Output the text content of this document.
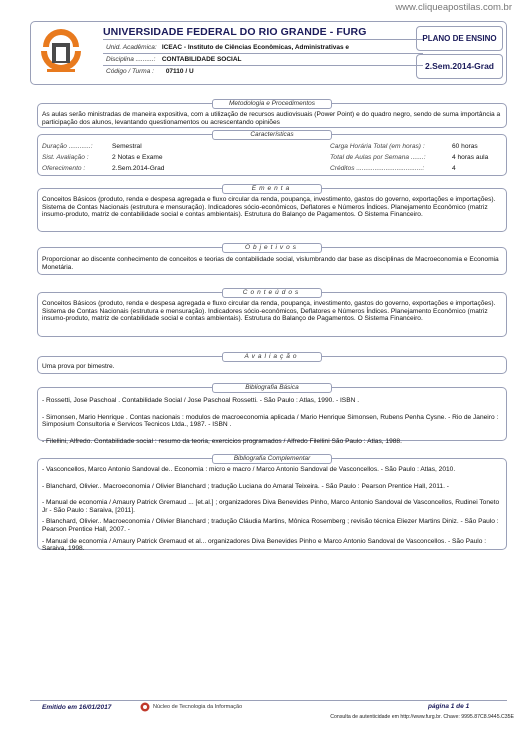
www.cliqueapostilas.com.br
UNIVERSIDADE FEDERAL DO RIO GRANDE - FURG
Unid. Acadêmica: ICEAC - Instituto de Ciências Econômicas, Administrativas e
Disciplina ..........: CONTABILIDADE SOCIAL
Código / Turma : 07110 / U
PLANO DE ENSINO
2.Sem.2014-Grad
Metodologia e Procedimentos
As aulas serão ministradas de maneira expositiva, com a utilização de recursos audiovisuais (Power Point) e do quadro negro, sendo de suma importância a participação dos alunos, levantando questionamentos ou acrescentando opiniões
Características
Duração ............:	Semestral	Carga Horária Total (em horas) :	60 horas
Sist. Avaliação :	2 Notas e Exame	Total de Aulas por Semana .......:	4 horas aula
Oferecimento :	2.Sem.2014-Grad	Créditos ....................................:	4
Ementa
Conceitos Básicos (produto, renda e despesa agregada e fluxo circular da renda, poupança, investimento, gastos do governo, exportações e importações). Sistema de Contas Nacionais (estrutura e mensuração). Indicadores sócio-econômicos, Deflatores e Números Índices. Planejamento Econômico (matriz insumo-produto, matriz de contabilidade social e contas ambientais). Estrutura do Balanço de Pagamentos. O Sistema Financeiro.
Objetivos
Proporcionar ao discente conhecimento de conceitos e teorias de contabilidade social, vislumbrando dar base as disciplinas de Macroeconomia e Economia Monetária.
Conteúdos
Conceitos Básicos (produto, renda e despesa agregada e fluxo circular da renda, poupança, investimento, gastos do governo, exportações e importações). Sistema de Contas Nacionais (estrutura e mensuração). Indicadores sócio-econômicos, Deflatores e Números Índices. Planejamento Econômico (matriz insumo-produto, matriz de contabilidade social e contas ambientais). Estrutura do Balanço de Pagamentos. O Sistema Financeiro.
Avaliação
Uma prova por bimestre.
Bibliografia Básica
- Rossetti, Jose Paschoal . Contabilidade Social / Jose Paschoal Rossetti. - São Paulo : Atlas, 1990. - ISBN .
- Simonsen, Mario Henrique . Contas nacionais : modulos de macroeconomia aplicada / Mario Henrique Simonsen, Rubens Penha Cysne. - Rio de Janeiro : Simposium Consultoria e Servicos Tecnicos Ltda., 1987. - ISBN .
- Filellini, Alfredo. Contabilidade social : resumo da teoria, exercicios programados / Alfredo Filellini São Paulo : Atlas, 1988.
Bibliografia Complementar
- Vasconcellos, Marco Antonio Sandoval de.. Economia : micro e macro / Marco Antonio Sandoval de Vasconcellos. - São Paulo : Atlas, 2010.
- Blanchard, Olivier.. Macroeconomia / Olivier Blanchard ; tradução Luciana do Amaral Teixeira. - São Paulo : Pearson Prentice Hall, 2011. -
- Manual de economia / Amaury Patrick Gremaud ... [et.al.] ; organizadores Diva Benevides Pinho, Marco Antonio Sandoval de Vasconcellos, Rudinei Toneto Jr - São Paulo : Saraiva, [2011].
- Blanchard, Olivier.. Macroeconomia / Olivier Blanchard ; tradução Cláudia Martins, Mônica Rosemberg ; revisão técnica Eliezer Martins Diniz. - São Paulo : Pearson Prentice Hall, 2007. -
- Manual de economia / Amaury Patrick Gremaud et al... organizadores Diva Benevides Pinho e Marco Antonio Sandoval de Vasconcellos. - São Paulo : Saraiva, 1998.
Emitido em 16/01/2017	Núcleo de Tecnologia da Informação	página 1 de 1
Consulta de autenticidade em http://www.furg.br. Chave: 9995.87C8.9445.C35E
